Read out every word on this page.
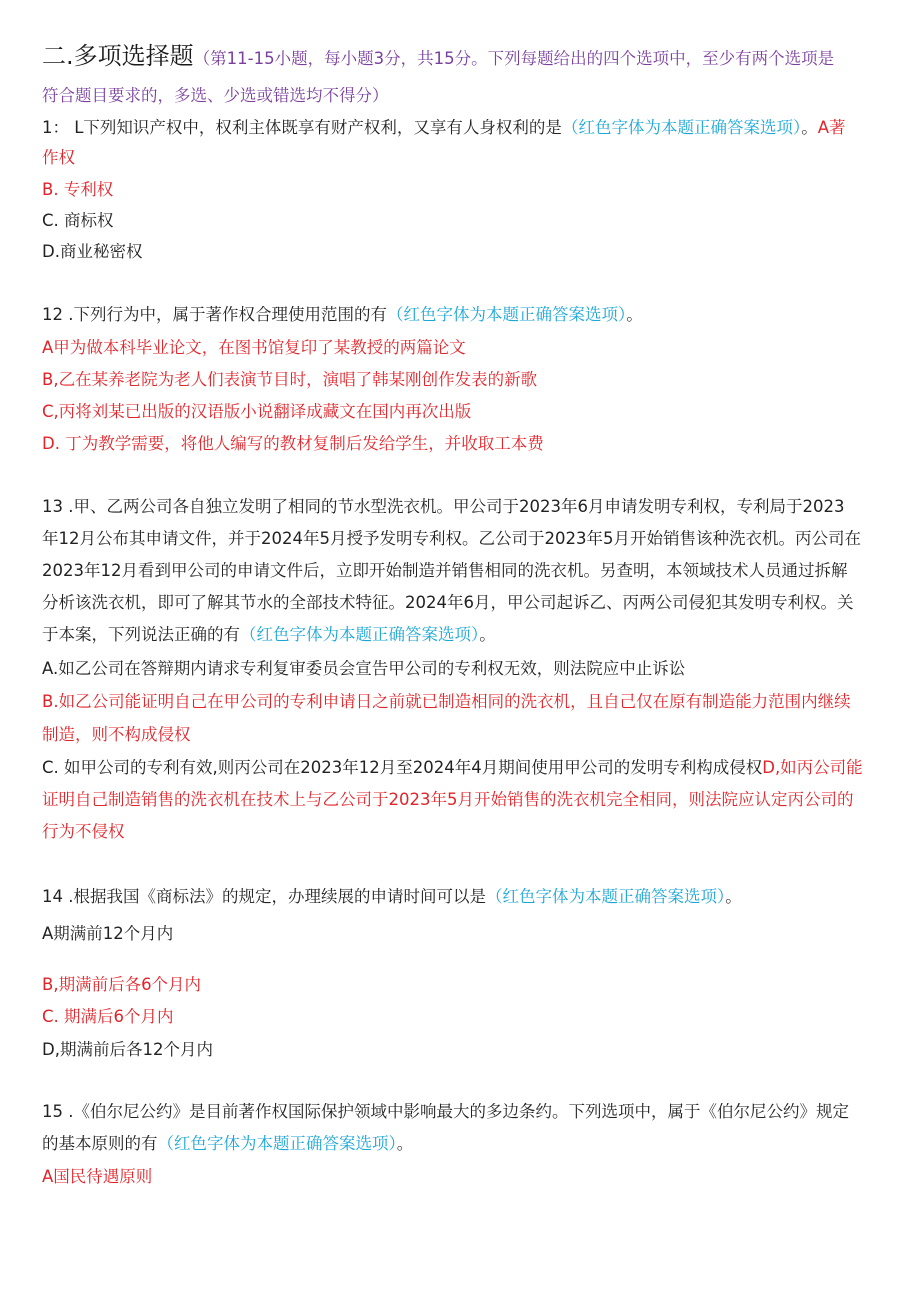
二.多项选择题（第11-15小题，每小题3分，共15分。下列每题给出的四个选项中，至少有两个选项是
符合题目要求的，多选、少选或错选均不得分）
1： L下列知识产权中，权利主体既享有财产权利，又享有人身权利的是（红色字体为本题正确答案选项）。A著
作权
B. 专利权
C. 商标权
D.商业秘密权
12 .下列行为中，属于著作权合理使用范围的有（红色字体为本题正确答案选项）。
A甲为做本科毕业论文，在图书馆复印了某教授的两篇论文
B,乙在某养老院为老人们表演节目时，演唱了韩某刚创作发表的新歌
C,丙将刘某已出版的汉语版小说翻译成藏文在国内再次出版
D. 丁为教学需要，将他人编写的教材复制后发给学生，并收取工本费
13 .甲、乙两公司各自独立发明了相同的节水型洗衣机。甲公司于2023年6月申请发明专利权，专利局于2023
年12月公布其申请文件，并于2024年5月授予发明专利权。乙公司于2023年5月开始销售该种洗衣机。丙公司在
2023年12月看到甲公司的申请文件后，立即开始制造并销售相同的洗衣机。另查明，本领域技术人员通过拆解
分析该洗衣机，即可了解其节水的全部技术特征。2024年6月，甲公司起诉乙、丙两公司侵犯其发明专利权。关
于本案，下列说法正确的有（红色字体为本题正确答案选项）。
A.如乙公司在答辩期内请求专利复审委员会宣告甲公司的专利权无效，则法院应中止诉讼
B.如乙公司能证明自己在甲公司的专利申请日之前就已制造相同的洗衣机，且自己仅在原有制造能力范围内继续
制造，则不构成侵权
C. 如甲公司的专利有效,则丙公司在2023年12月至2024年4月期间使用甲公司的发明专利构成侵权D,如丙公司能
证明自己制造销售的洗衣机在技术上与乙公司于2023年5月开始销售的洗衣机完全相同，则法院应认定丙公司的
行为不侵权
14 .根据我国《商标法》的规定，办理续展的申请时间可以是（红色字体为本题正确答案选项）。
A期满前12个月内
B,期满前后各6个月内
C. 期满后6个月内
D,期满前后各12个月内
15 .《伯尔尼公约》是目前著作权国际保护领域中影响最大的多边条约。下列选项中，属于《伯尔尼公约》规定
的基本原则的有（红色字体为本题正确答案选项）。
A国民待遇原则
